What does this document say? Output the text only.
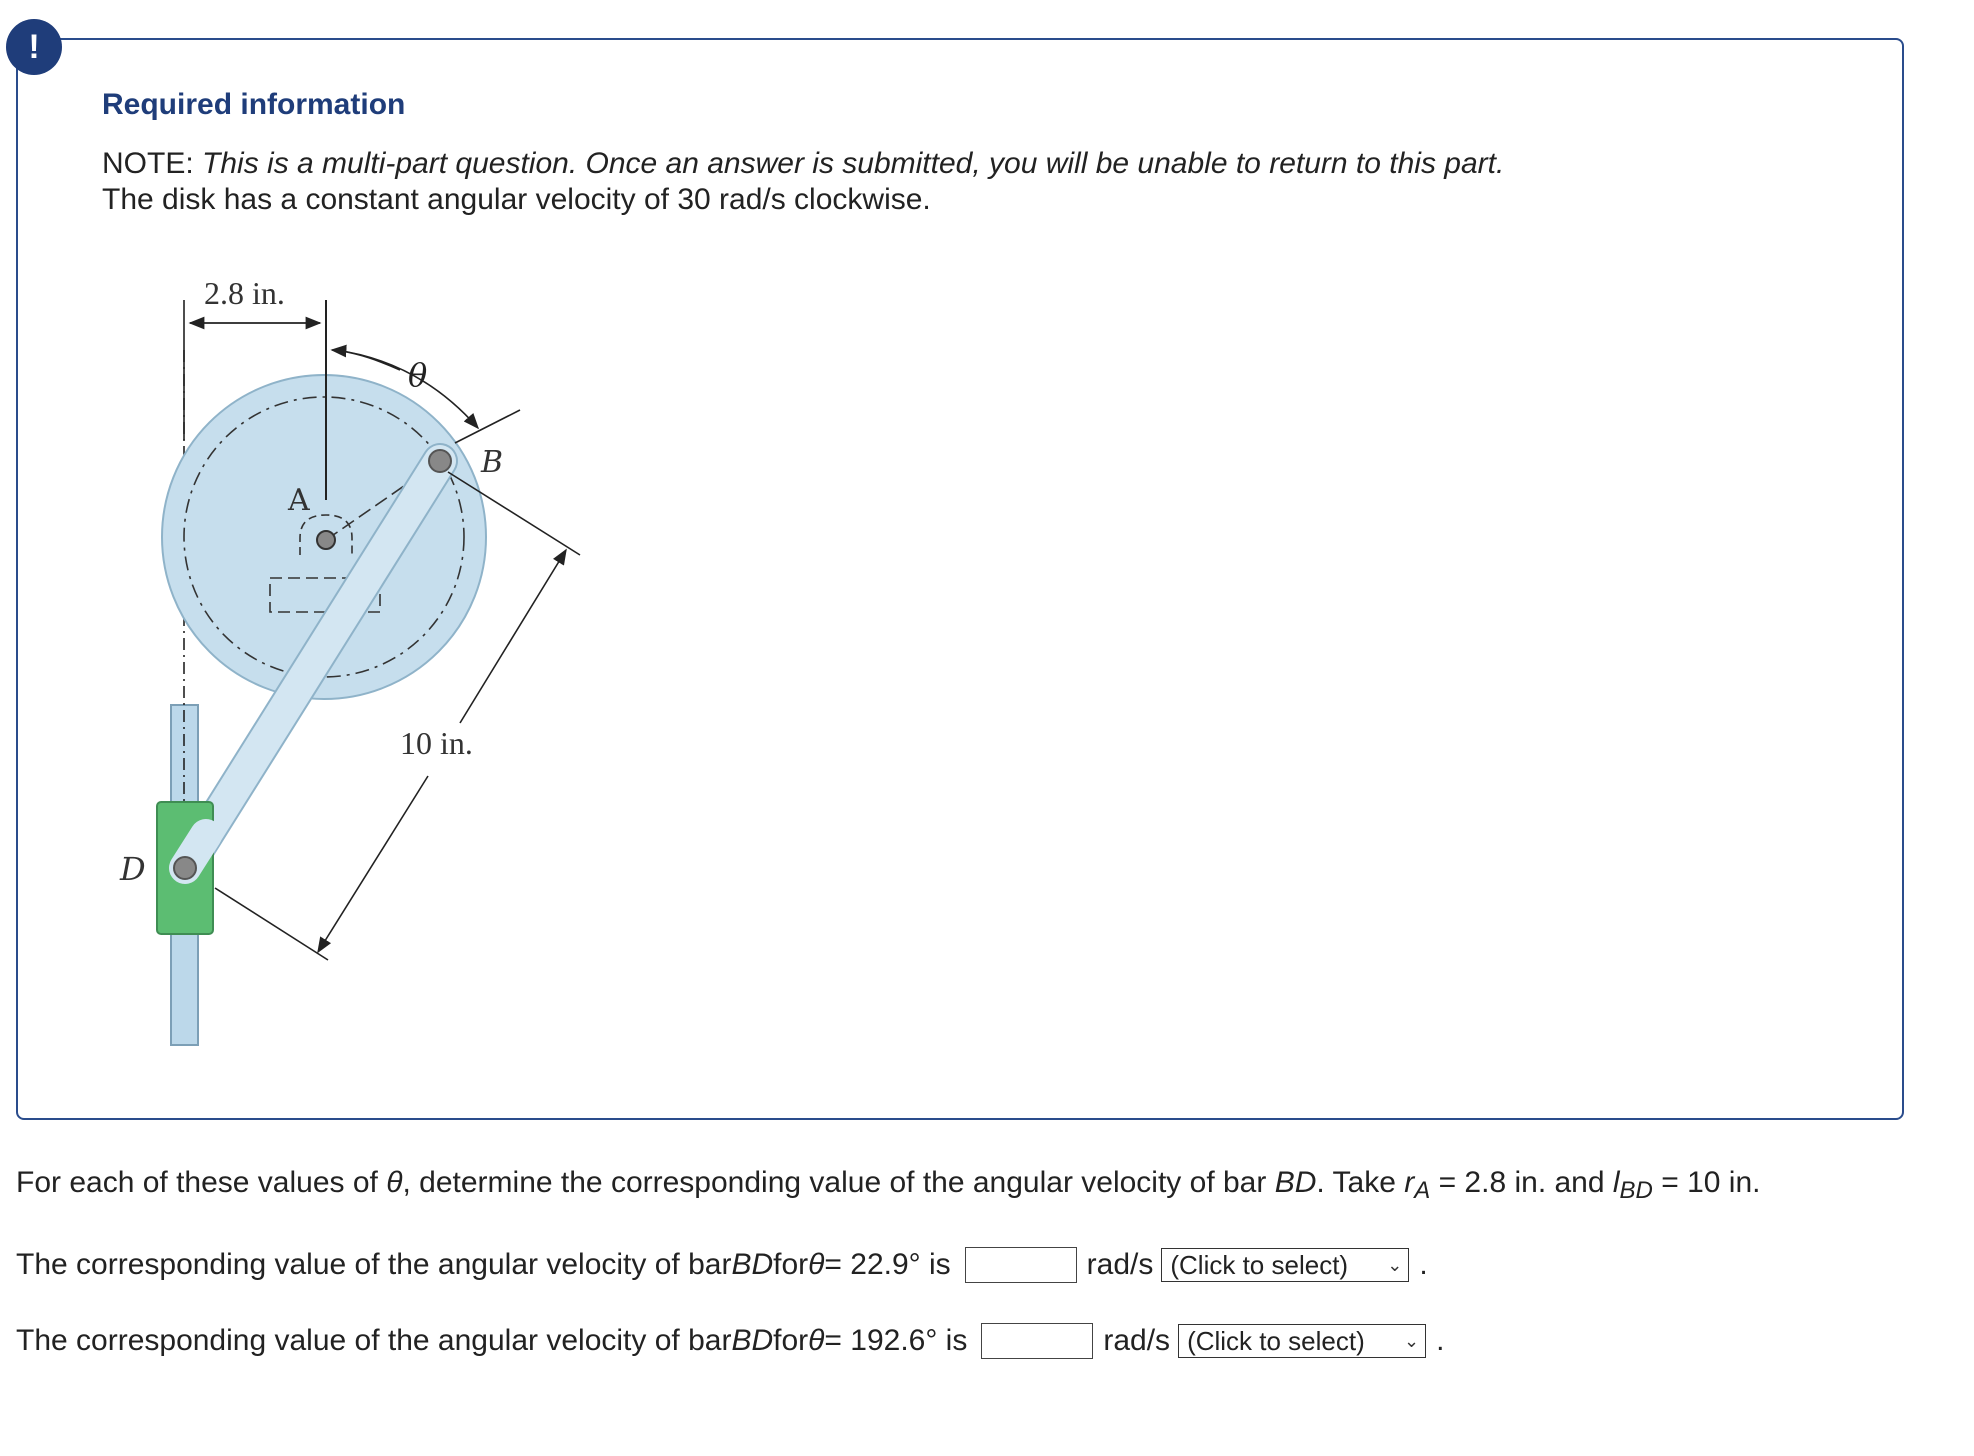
!
Required information
NOTE: This is a multi-part question. Once an answer is submitted, you will be unable to return to this part.
The disk has a constant angular velocity of 30 rad/s clockwise.
2.8 in.
θ
10 in.
B
A
D
For each of these values of θ, determine the corresponding value of the angular velocity of bar BD. Take $r_A = 2.8$ in. and $l_{BD} = 10$ in.
The corresponding value of the angular velocity of bar BD for θ = 22.9° is	rad/s (Click to select) ⌄ .
The corresponding value of the angular velocity of bar BD for θ = 192.6° is	rad/s (Click to select) ⌄ .
